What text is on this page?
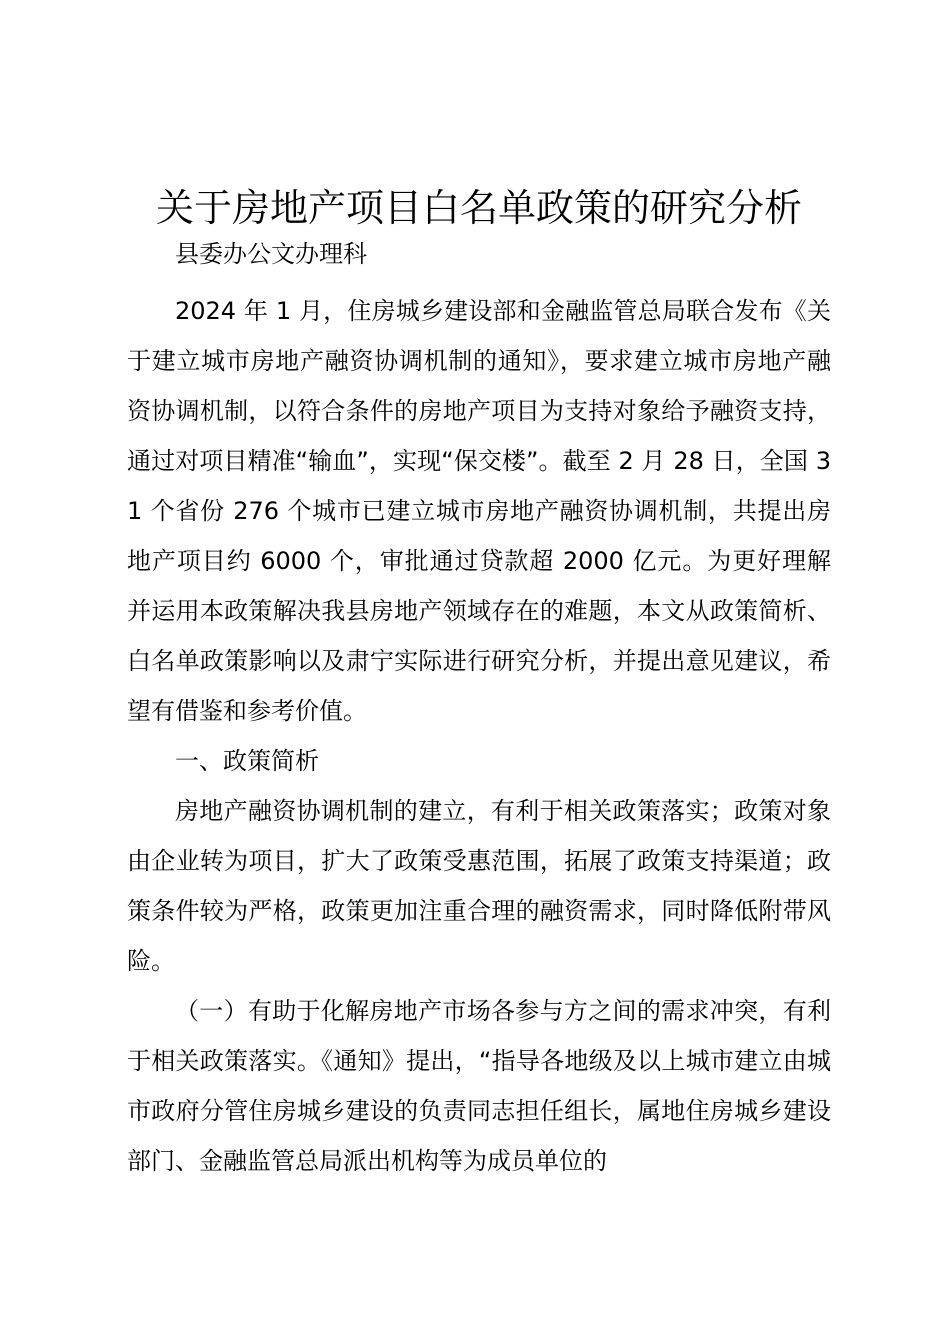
关于房地产项目白名单政策的研究分析

县委办公文办理科

2024 年 1 月，住房城乡建设部和金融监管总局联合发布《关于建立城市房地产融资协调机制的通知》，要求建立城市房地产融资协调机制，以符合条件的房地产项目为支持对象给予融资支持，通过对项目精准“输血”，实现“保交楼”。截至 2 月 28 日，全国 31 个省份 276 个城市已建立城市房地产融资协调机制，共提出房地产项目约 6000 个，审批通过贷款超 2000 亿元。为更好理解并运用本政策解决我县房地产领域存在的难题，本文从政策简析、白名单政策影响以及肃宁实际进行研究分析，并提出意见建议，希望有借鉴和参考价值。

一、政策简析

房地产融资协调机制的建立，有利于相关政策落实；政策对象由企业转为项目，扩大了政策受惠范围，拓展了政策支持渠道；政策条件较为严格，政策更加注重合理的融资需求，同时降低附带风险。

（一）有助于化解房地产市场各参与方之间的需求冲突，有利于相关政策落实。《通知》提出，“指导各地级及以上城市建立由城市政府分管住房城乡建设的负责同志担任组长，属地住房城乡建设部门、金融监管总局派出机构等为成员单位的
